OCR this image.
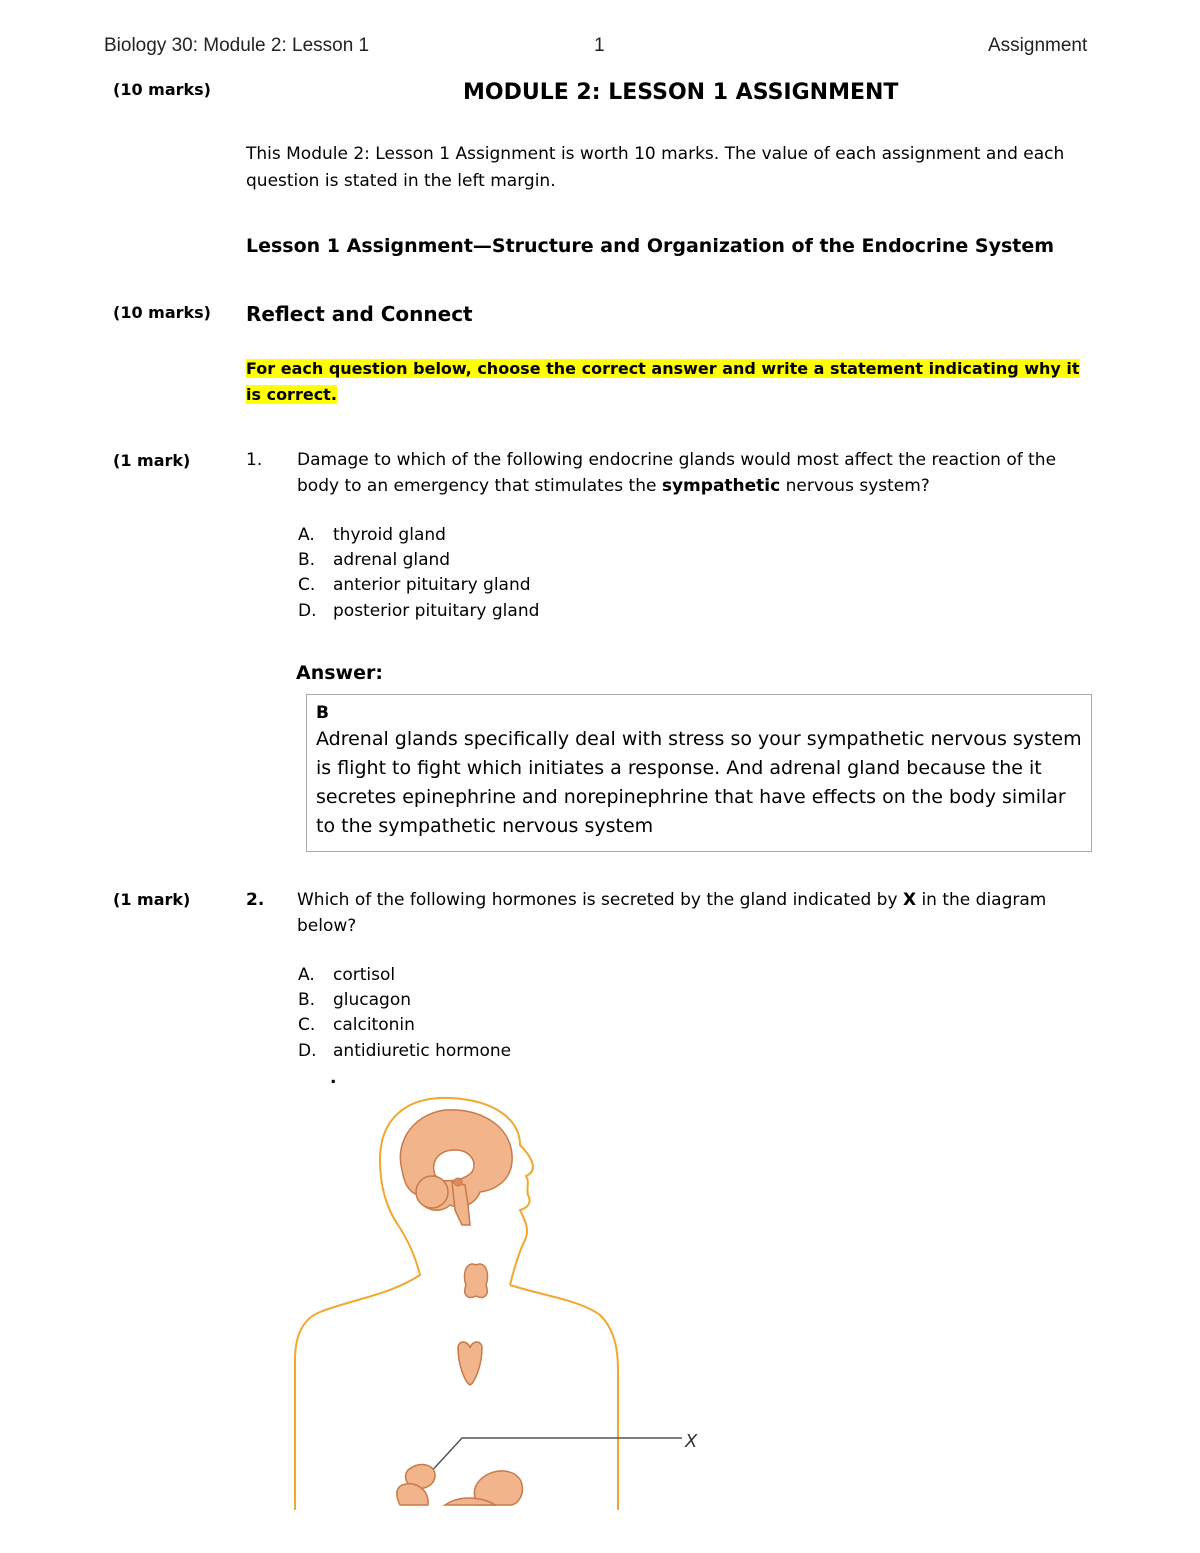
Biology 30: Module 2: Lesson 1	1	Assignment
(10 marks)	MODULE 2: LESSON 1 ASSIGNMENT
This Module 2: Lesson 1 Assignment is worth 10 marks. The value of each assignment and each question is stated in the left margin.
Lesson 1 Assignment—Structure and Organization of the Endocrine System
(10 marks) Reflect and Connect
For each question below, choose the correct answer and write a statement indicating why it is correct.
(1 mark)	1. Damage to which of the following endocrine glands would most affect the reaction of the body to an emergency that stimulates the sympathetic nervous system?
A. thyroid gland
B. adrenal gland
C. anterior pituitary gland
D. posterior pituitary gland
Answer:
B
Adrenal glands specifically deal with stress so your sympathetic nervous system is flight to fight which initiates a response. And adrenal gland because the it secretes epinephrine and norepinephrine that have effects on the body similar to the sympathetic nervous system
(1 mark)	2. Which of the following hormones is secreted by the gland indicated by X in the diagram below?
A. cortisol
B. glucagon
C. calcitonin
D. antidiuretic hormone
.
X
